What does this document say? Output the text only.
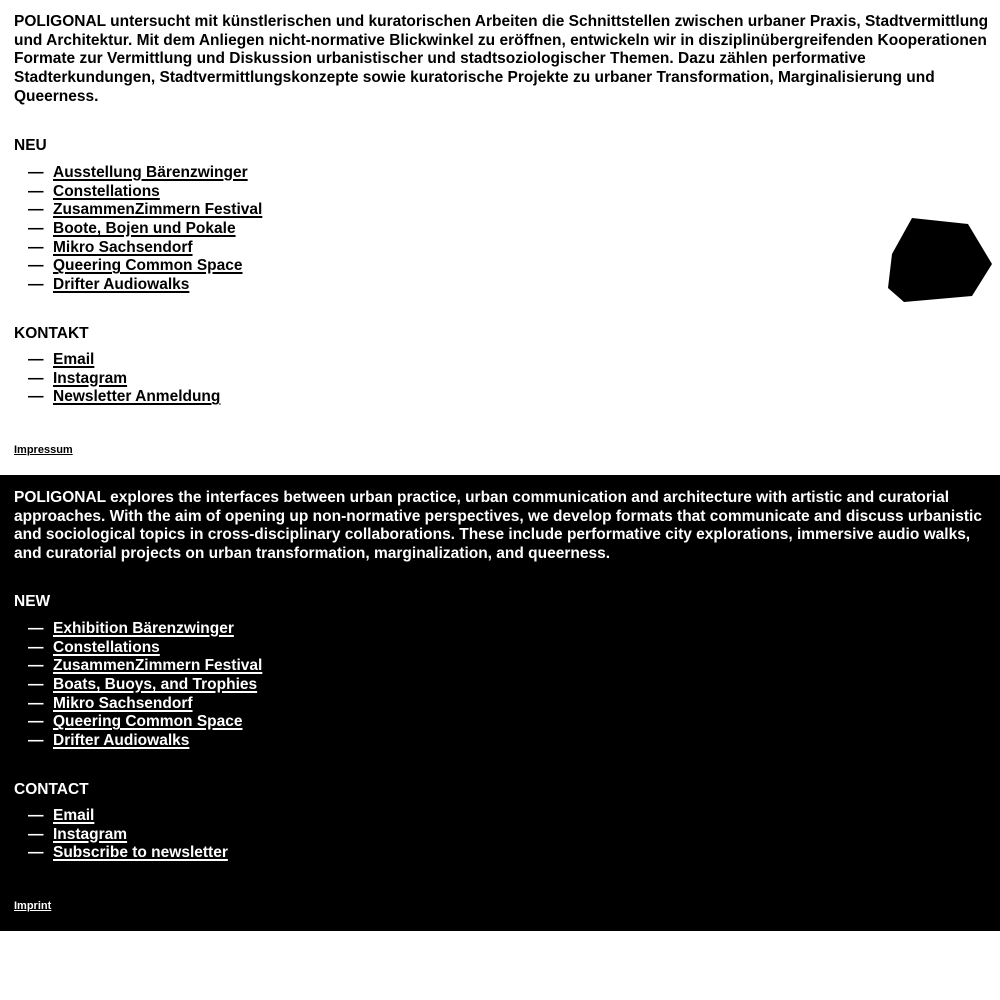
POLIGONAL untersucht mit künstlerischen und kuratorischen Arbeiten die Schnittstellen zwischen urbaner Praxis, Stadtvermittlung und Architektur. Mit dem Anliegen nicht-normative Blickwinkel zu eröffnen, entwickeln wir in disziplinübergreifenden Kooperationen Formate zur Vermittlung und Diskussion urbanistischer und stadtsoziologischer Themen. Dazu zählen performative Stadterkundungen, Stadtvermittlungskonzepte sowie kuratorische Projekte zu urbaner Transformation, Marginalisierung und Queerness.

NEU
— Ausstellung Bärenzwinger
— Constellations
— ZusammenZimmern Festival
— Boote, Bojen und Pokale
— Mikro Sachsendorf
— Queering Common Space
— Drifter Audiowalks
KONTAKT
— Email
— Instagram
— Newsletter Anmeldung
Impressum

POLIGONAL explores the interfaces between urban practice, urban communication and architecture with artistic and curatorial approaches. With the aim of opening up non-normative perspectives, we develop formats that communicate and discuss urbanistic and sociological topics in cross-disciplinary collaborations. These include performative city explorations, immersive audio walks, and curatorial projects on urban transformation, marginalization, and queerness.

NEW
— Exhibition Bärenzwinger
— Constellations
— ZusammenZimmern Festival
— Boats, Buoys, and Trophies
— Mikro Sachsendorf
— Queering Common Space
— Drifter Audiowalks
CONTACT
— Email
— Instagram
— Subscribe to newsletter
Imprint
